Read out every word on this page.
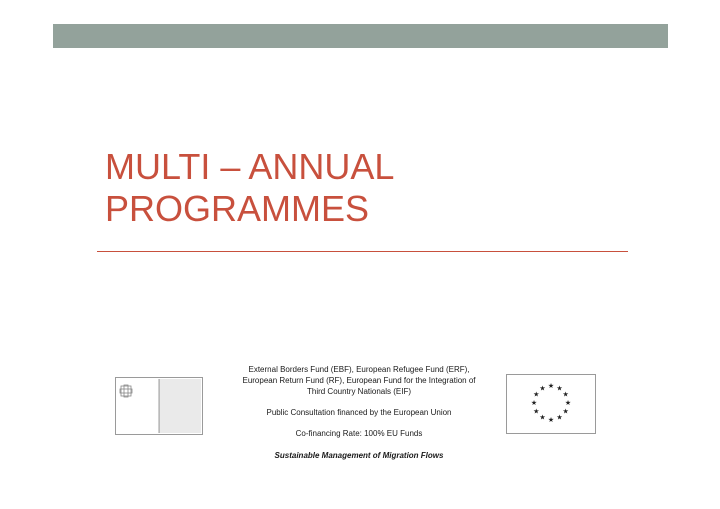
MULTI – ANNUAL
PROGRAMMES

External Borders Fund (EBF), European Refugee Fund (ERF),

European Return Fund (RF), European Fund for the Integration of

Third Country Nationals (EIF)

Public Consultation financed by the European Union

Co-financing Rate: 100% EU Funds

Sustainable Management of Migration Flows

★ ★
★
★
★
★
★
★
★
★
★
★
